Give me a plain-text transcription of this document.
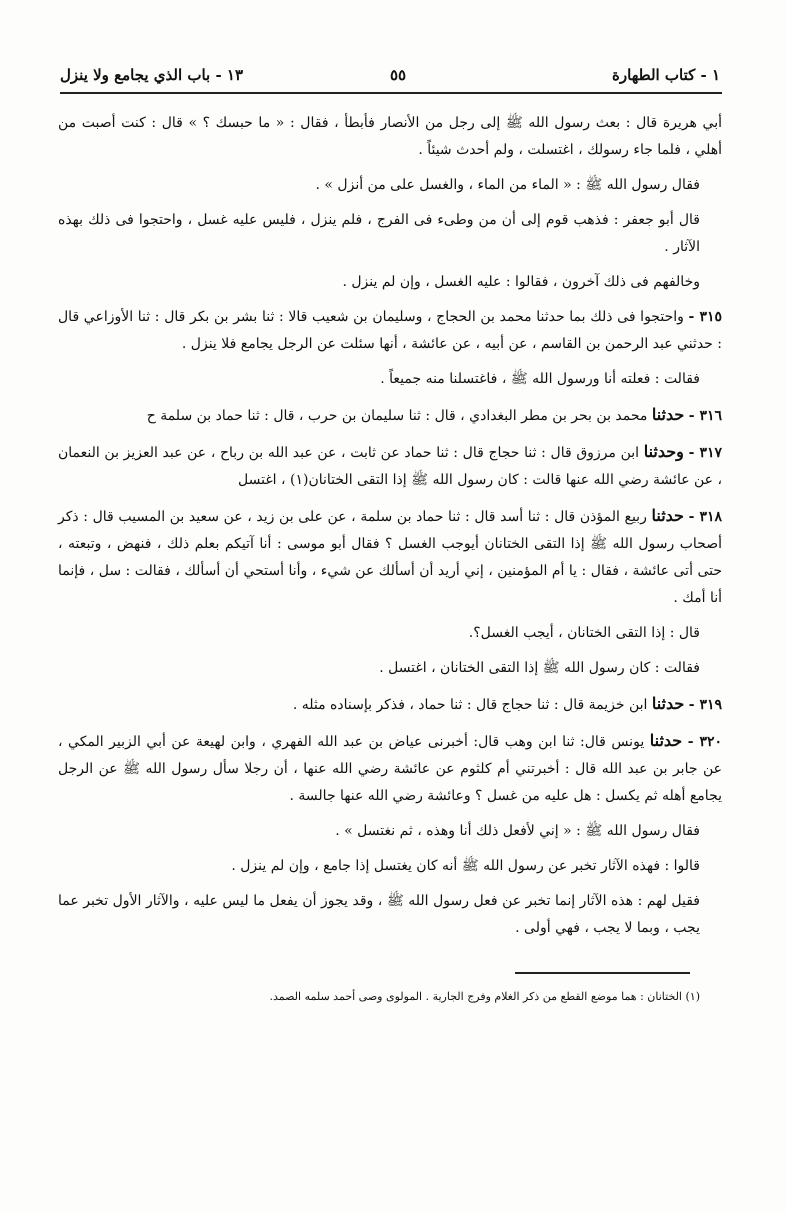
١ - كتاب الطهارة
٥٥
١٣ - باب الذي يجامع ولا ينزل

أبي هريرة قال : بعث رسول الله ﷺ إلى رجل من الأنصار فأبطأ ، فقال : « ما حبسك ؟ » قال : كنت أصبت من أهلي ، فلما جاء رسولك ، اغتسلت ، ولم أحدث شيئاً .

فقال رسول الله ﷺ : « الماء من الماء ، والغسل على من أنزل » .

قال أبو جعفر : فذهب قوم إلى أن من وطىء فى الفرج ، فلم ينزل ، فليس عليه غسل ، واحتجوا فى ذلك بهذه الآثار .

وخالفهم فى ذلك آخرون ، فقالوا : عليه الغسل ، وإن لم ينزل .

٣١٥ - واحتجوا فى ذلك بما حدثنا محمد بن الحجاج ، وسليمان بن شعيب قالا : ثنا بشر بن بكر قال : ثنا الأوزاعي قال : حدثني عبد الرحمن بن القاسم ، عن أبيه ، عن عائشة ، أنها سئلت عن الرجل يجامع فلا ينزل .

فقالت : فعلته أنا ورسول الله ﷺ ، فاغتسلنا منه جميعاً .

٣١٦ - حدثنا محمد بن بحر بن مطر البغدادي ، قال : ثنا سليمان بن حرب ، قال : ثنا حماد بن سلمة ح

٣١٧ - وحدثنا ابن مرزوق قال : ثنا حجاج قال : ثنا حماد عن ثابت ، عن عبد الله بن رباح ، عن عبد العزيز بن النعمان ، عن عائشة رضي الله عنها قالت : كان رسول الله ﷺ إذا التقى الختانان(١) ، اغتسل

٣١٨ - حدثنا ربيع المؤذن قال : ثنا أسد قال : ثنا حماد بن سلمة ، عن على بن زيد ، عن سعيد بن المسيب قال : ذكر أصحاب رسول الله ﷺ إذا التقى الختانان أيوجب الغسل ؟ فقال أبو موسى : أنا آتيكم بعلم ذلك ، فنهض ، وتبعته ، حتى أتى عائشة ، فقال : يا أم المؤمنين ، إني أريد أن أسألك عن شيء ، وأنا أستحي أن أسألك ، فقالت : سل ، فإنما أنا أمك .

قال : إذا التقى الختانان ، أيجب الغسل؟.

فقالت : كان رسول الله ﷺ إذا التقى الختانان ، اغتسل .

٣١٩ - حدثنا ابن خزيمة قال : ثنا حجاج قال : ثنا حماد ، فذكر بإسناده مثله .

٣٢٠ - حدثنا يونس قال: ثنا ابن وهب قال: أخبرنى عياض بن عبد الله الفهري ، وابن لهيعة عن أبي الزبير المكي ، عن جابر بن عبد الله قال : أخبرتني أم كلثوم عن عائشة رضي الله عنها ، أن رجلا سأل رسول الله ﷺ عن الرجل يجامع أهله ثم يكسل : هل عليه من غسل ؟ وعائشة رضي الله عنها جالسة .

فقال رسول الله ﷺ : « إني لأفعل ذلك أنا وهذه ، ثم نغتسل » .

قالوا : فهذه الآثار تخبر عن رسول الله ﷺ أنه كان يغتسل إذا جامع ، وإن لم ينزل .

فقيل لهم : هذه الآثار إنما تخبر عن فعل رسول الله ﷺ ، وقد يجوز أن يفعل ما ليس عليه ، والآثار الأول تخبر عما يجب ، وبما لا يجب ، فهي أولى .

(١) الختانان : هما موضع القطع من ذكر الغلام وفرج الجارية . المولوى وصى أحمد سلمه الصمد.
